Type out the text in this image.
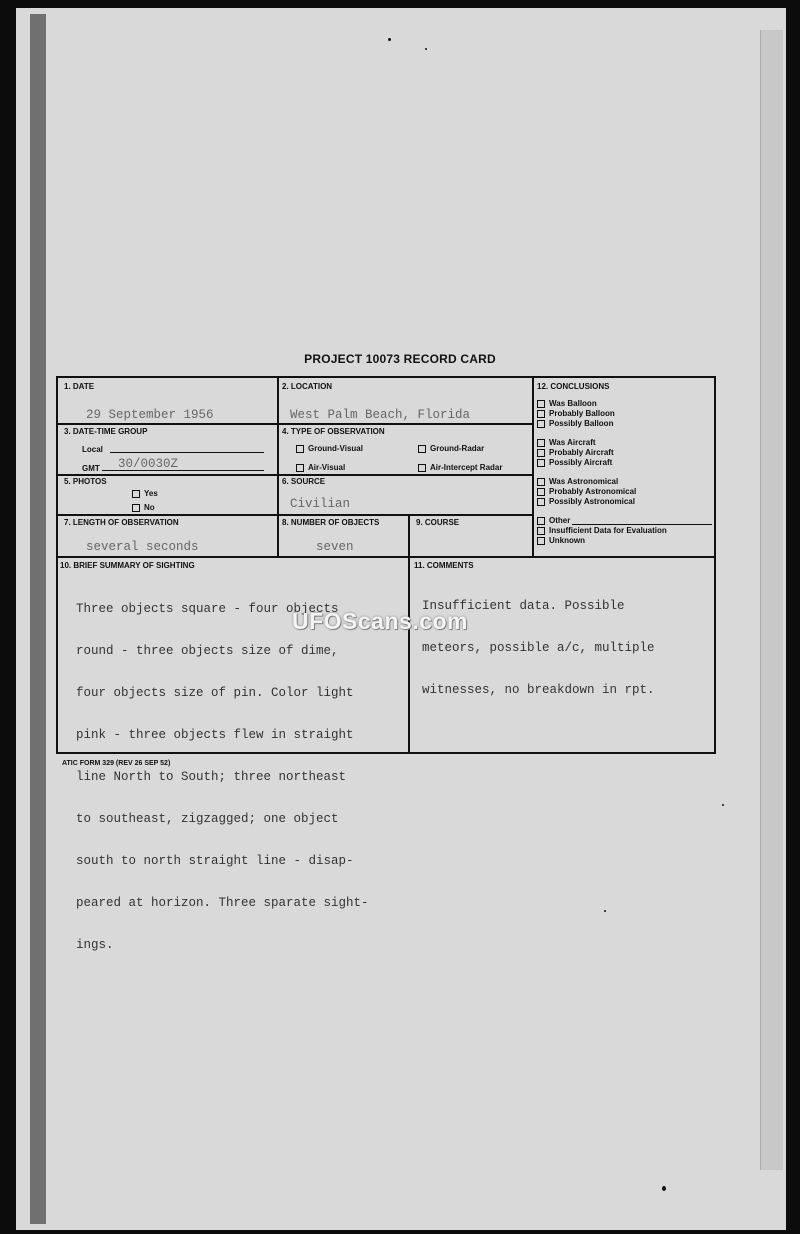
PROJECT 10073 RECORD CARD
1. DATE
29 September 1956
2. LOCATION
West Palm Beach, Florida
3. DATE-TIME GROUP
Local
GMT 30/0030Z
4. TYPE OF OBSERVATION
Ground-Visual	Ground-Radar
Air-Visual	Air-Intercept Radar
5. PHOTOS
Yes
No
6. SOURCE
Civilian
7. LENGTH OF OBSERVATION
several seconds
8. NUMBER OF OBJECTS
seven
9. COURSE
10. BRIEF SUMMARY OF SIGHTING

Three objects square - four objects

round - three objects size of dime,

four objects size of pin. Color light

pink - three objects flew in straight

line North to South; three northeast

to southeast, zigzagged; one object

south to north straight line - disap-

peared at horizon. Three sparate sight-

ings.

11. COMMENTS

Insufficient data. Possible

meteors, possible a/c, multiple

witnesses, no breakdown in rpt.

12. CONCLUSIONS
Was Balloon
Probably Balloon
Possibly Balloon
Was Aircraft
Probably Aircraft
Possibly Aircraft
Was Astronomical
Probably Astronomical
Possibly Astronomical
Other
Insufficient Data for Evaluation
Unknown
UFOScans.com
ATIC FORM 329 (REV 26 SEP 52)
